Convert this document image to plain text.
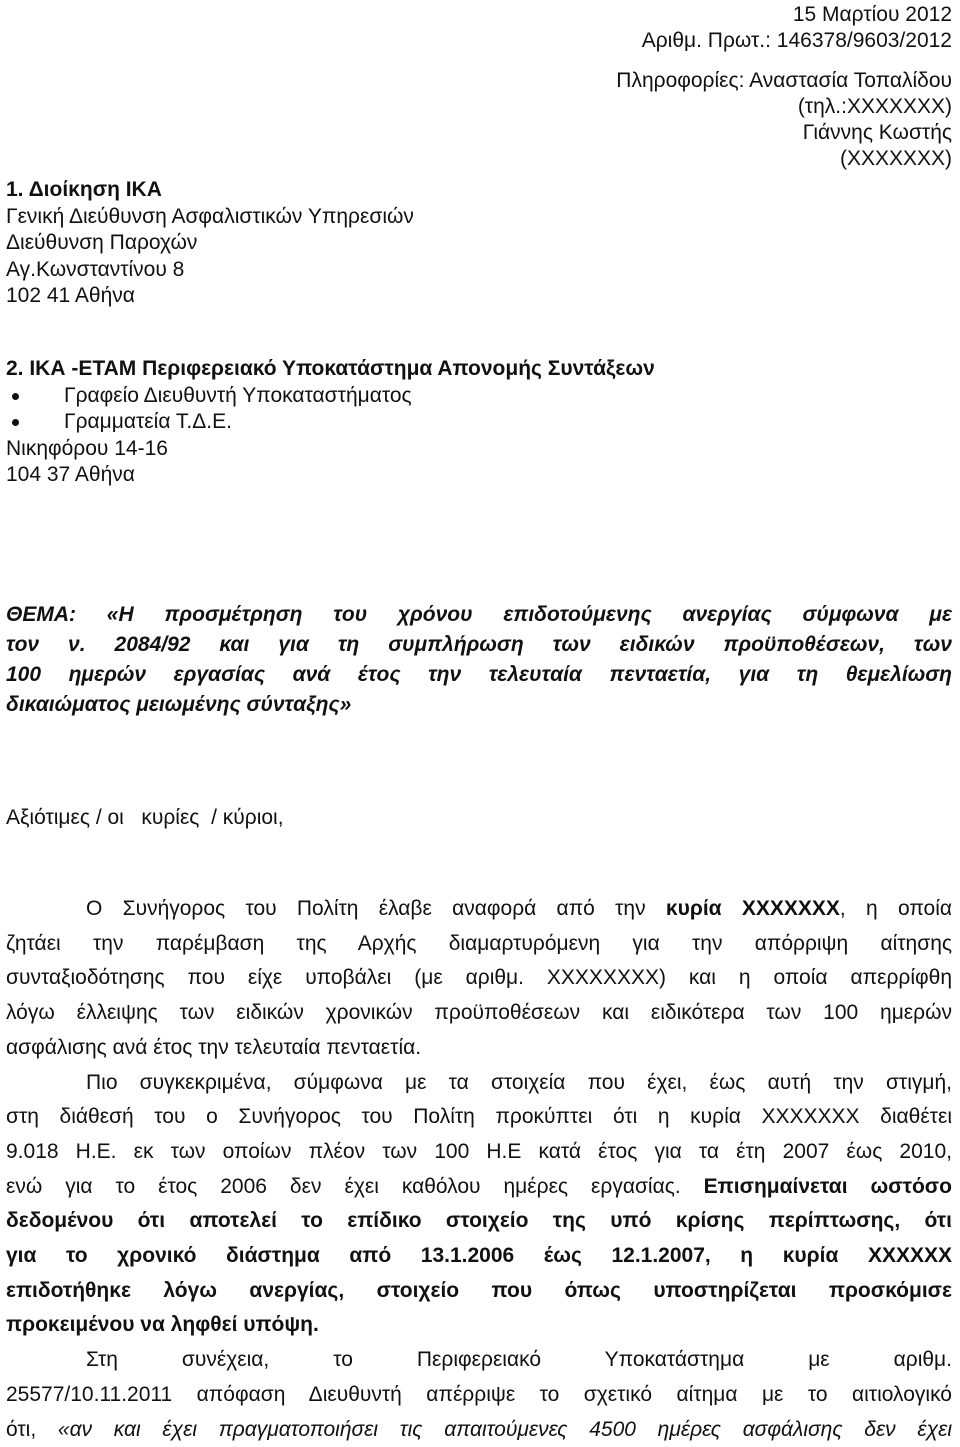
15 Μαρτίου 2012
Αριθμ. Πρωτ.: 146378/9603/2012
Πληροφορίες: Αναστασία Τοπαλίδου
(τηλ.:ΧΧΧΧΧΧΧ)
Γιάννης Κωστής
(ΧΧΧΧΧΧΧ)
1. Διοίκηση ΙΚΑ
Γενική Διεύθυνση Ασφαλιστικών Υπηρεσιών
Διεύθυνση Παροχών
Αγ.Κωνσταντίνου 8
102 41 Αθήνα
2. ΙΚΑ -ΕΤΑΜ Περιφερειακό Υποκατάστημα Απονομής Συντάξεων
Γραφείο Διευθυντή Υποκαταστήματος
Γραμματεία Τ.Δ.Ε.
Νικηφόρου 14-16
104 37 Αθήνα
ΘΕΜΑ: «Η προσμέτρηση του χρόνου επιδοτούμενης ανεργίας σύμφωνα με
τον ν. 2084/92 και για τη συμπλήρωση των ειδικών προϋποθέσεων, των
100 ημερών εργασίας ανά έτος την τελευταία πενταετία, για τη θεμελίωση
δικαιώματος μειωμένης σύνταξης»
Αξιότιμες / οι   κυρίες  / κύριοι,
Ο Συνήγορος του Πολίτη έλαβε αναφορά από την κυρία ΧΧΧΧΧΧΧ, η οποία
ζητάει την παρέμβαση της Αρχής διαμαρτυρόμενη για την απόρριψη αίτησης
συνταξιοδότησης που είχε υποβάλει (με αριθμ. ΧΧΧΧΧΧΧΧ) και η οποία απερρίφθη
λόγω έλλειψης των ειδικών χρονικών προϋποθέσεων και ειδικότερα των 100 ημερών
ασφάλισης ανά έτος την τελευταία πενταετία.
Πιο συγκεκριμένα, σύμφωνα με τα στοιχεία που έχει, έως αυτή την στιγμή,
στη διάθεσή του ο Συνήγορος του Πολίτη προκύπτει ότι η κυρία ΧΧΧΧΧΧΧ διαθέτει
9.018 Η.Ε. εκ των οποίων πλέον των 100 Η.Ε κατά έτος για τα έτη 2007 έως 2010,
ενώ για το έτος 2006 δεν έχει καθόλου ημέρες εργασίας. Επισημαίνεται ωστόσο
δεδομένου ότι αποτελεί το επίδικο στοιχείο της υπό κρίσης περίπτωσης, ότι
για το χρονικό διάστημα από 13.1.2006 έως 12.1.2007, η κυρία ΧΧΧΧΧΧ
επιδοτήθηκε λόγω ανεργίας, στοιχείο που όπως υποστηρίζεται προσκόμισε
προκειμένου να ληφθεί υπόψη.
Στη συνέχεια, το Περιφερειακό Υποκατάστημα με αριθμ.
25577/10.11.2011 απόφαση Διευθυντή απέρριψε το σχετικό αίτημα με το αιτιολογικό
ότι, «αν και έχει πραγματοποιήσει τις απαιτούμενες 4500 ημέρες ασφάλισης δεν έχει
